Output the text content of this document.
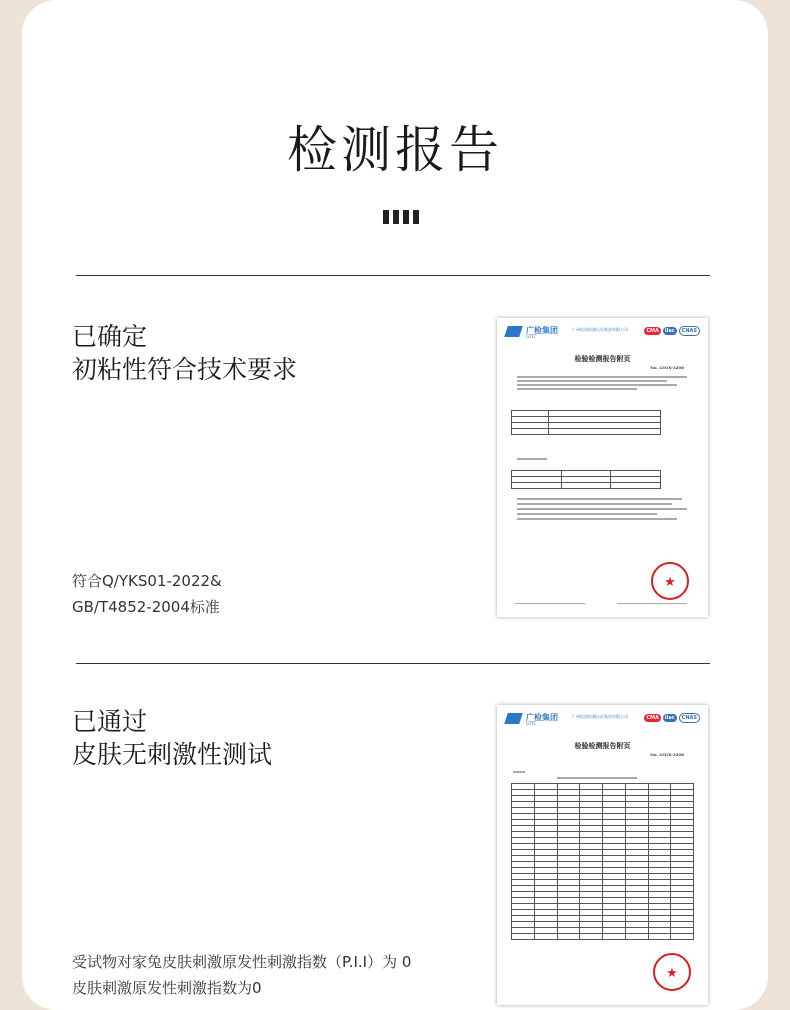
检测报告
已确定
初粘性符合技术要求
符合Q/YKS01-2022&
GB/T4852-2004标准
广检集团
GTTC
广州检验检测认证集团有限公司	CMA	ilac	CNAS
检验检测报告附页
No. 23GX-3206

★
已通过
皮肤无刺激性测试
受试物对家兔皮肤刺激原发性刺激指数（P.I.I）为 0
皮肤刺激原发性刺激指数为0
广检集团
GTTC
广州检验检测认证集团有限公司	CMA	ilac	CNAS
检验检测报告附页
No. 23GX-3206

★
